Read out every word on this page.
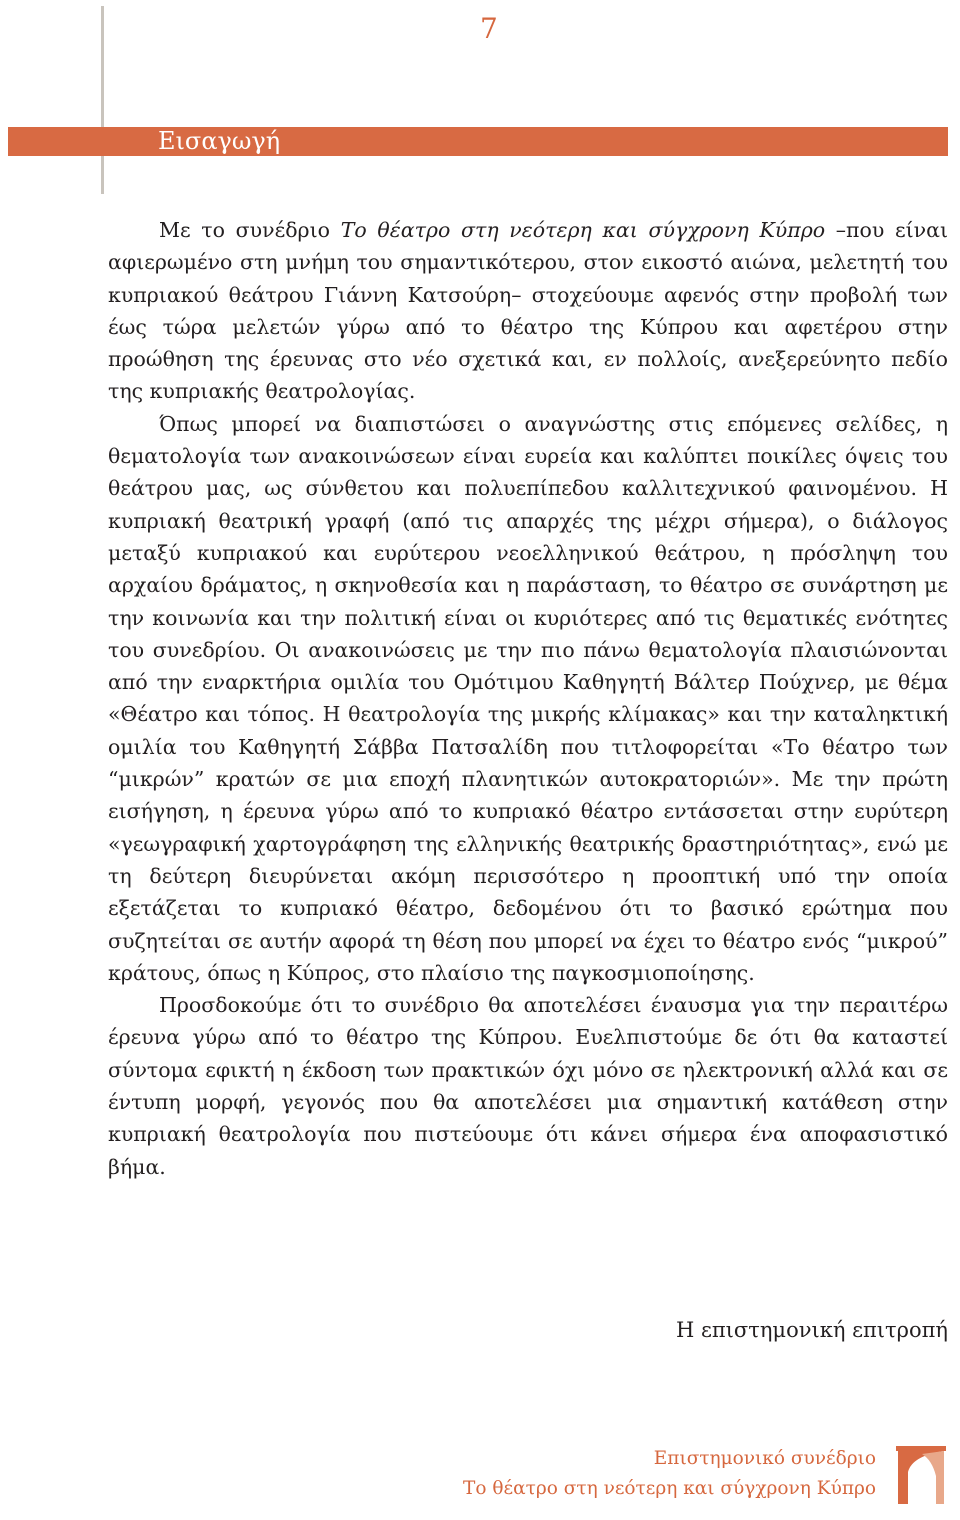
7
Εισαγωγή

Με το συνέδριο Το θέατρο στη νεότερη και σύγχρονη Κύπρο –που είναι αφιερωμένο στη μνήμη του σημαντικότερου, στον εικοστό αιώνα, μελετητή του κυπριακού θεάτρου Γιάννη Κατσούρη– στοχεύουμε αφενός στην προβολή των έως τώρα μελετών γύρω από το θέατρο της Κύπρου και αφετέρου στην προώθηση της έρευνας στο νέο σχετικά και, εν πολλοίς, ανεξερεύνητο πεδίο της κυπριακής θεατρολογίας.

Όπως μπορεί να διαπιστώσει ο αναγνώστης στις επόμενες σελίδες, η θεματολογία των ανακοινώσεων είναι ευρεία και καλύπτει ποικίλες όψεις του θεάτρου μας, ως σύνθετου και πολυεπίπεδου καλλιτεχνικού φαινομένου. Η κυπριακή θεατρική γραφή (από τις απαρχές της μέχρι σήμερα), ο διάλογος μεταξύ κυπριακού και ευρύτερου νεοελληνικού θεάτρου, η πρόσληψη του αρχαίου δράματος, η σκηνοθεσία και η παράσταση, το θέατρο σε συνάρτηση με την κοινωνία και την πολιτική είναι οι κυριότερες από τις θεματικές ενότητες του συνεδρίου. Οι ανακοινώσεις με την πιο πάνω θεματολογία πλαισιώνονται από την εναρκτήρια ομιλία του Ομότιμου Καθηγητή Βάλτερ Πούχνερ, με θέμα «Θέατρο και τόπος. Η θεατρολογία της μικρής κλίμακας» και την καταληκτική ομιλία του Καθηγητή Σάββα Πατσαλίδη που τιτλοφορείται «Το θέατρο των “μικρών” κρατών σε μια εποχή πλανητικών αυτοκρατοριών». Με την πρώτη εισήγηση, η έρευνα γύρω από το κυπριακό θέατρο εντάσσεται στην ευρύτερη «γεωγραφική χαρτογράφηση της ελληνικής θεατρικής δραστηριότητας», ενώ με τη δεύτερη διευρύνεται ακόμη περισσότερο η προοπτική υπό την οποία εξετάζεται το κυπριακό θέατρο, δεδομένου ότι το βασικό ερώτημα που συζητείται σε αυτήν αφορά τη θέση που μπορεί να έχει το θέατρο ενός “μικρού” κράτους, όπως η Κύπρος, στο πλαίσιο της παγκοσμιοποίησης.

Προσδοκούμε ότι το συνέδριο θα αποτελέσει έναυσμα για την περαιτέρω έρευνα γύρω από το θέατρο της Κύπρου. Ευελπιστούμε δε ότι θα καταστεί σύντομα εφικτή η έκδοση των πρακτικών όχι μόνο σε ηλεκτρονική αλλά και σε έντυπη μορφή, γεγονός που θα αποτελέσει μια σημαντική κατάθεση στην κυπριακή θεατρολογία που πιστεύουμε ότι κάνει σήμερα ένα αποφασιστικό βήμα.

Η επιστημονική επιτροπή
Επιστημονικό συνέδριο
Το θέατρο στη νεότερη και σύγχρονη Κύπρο
